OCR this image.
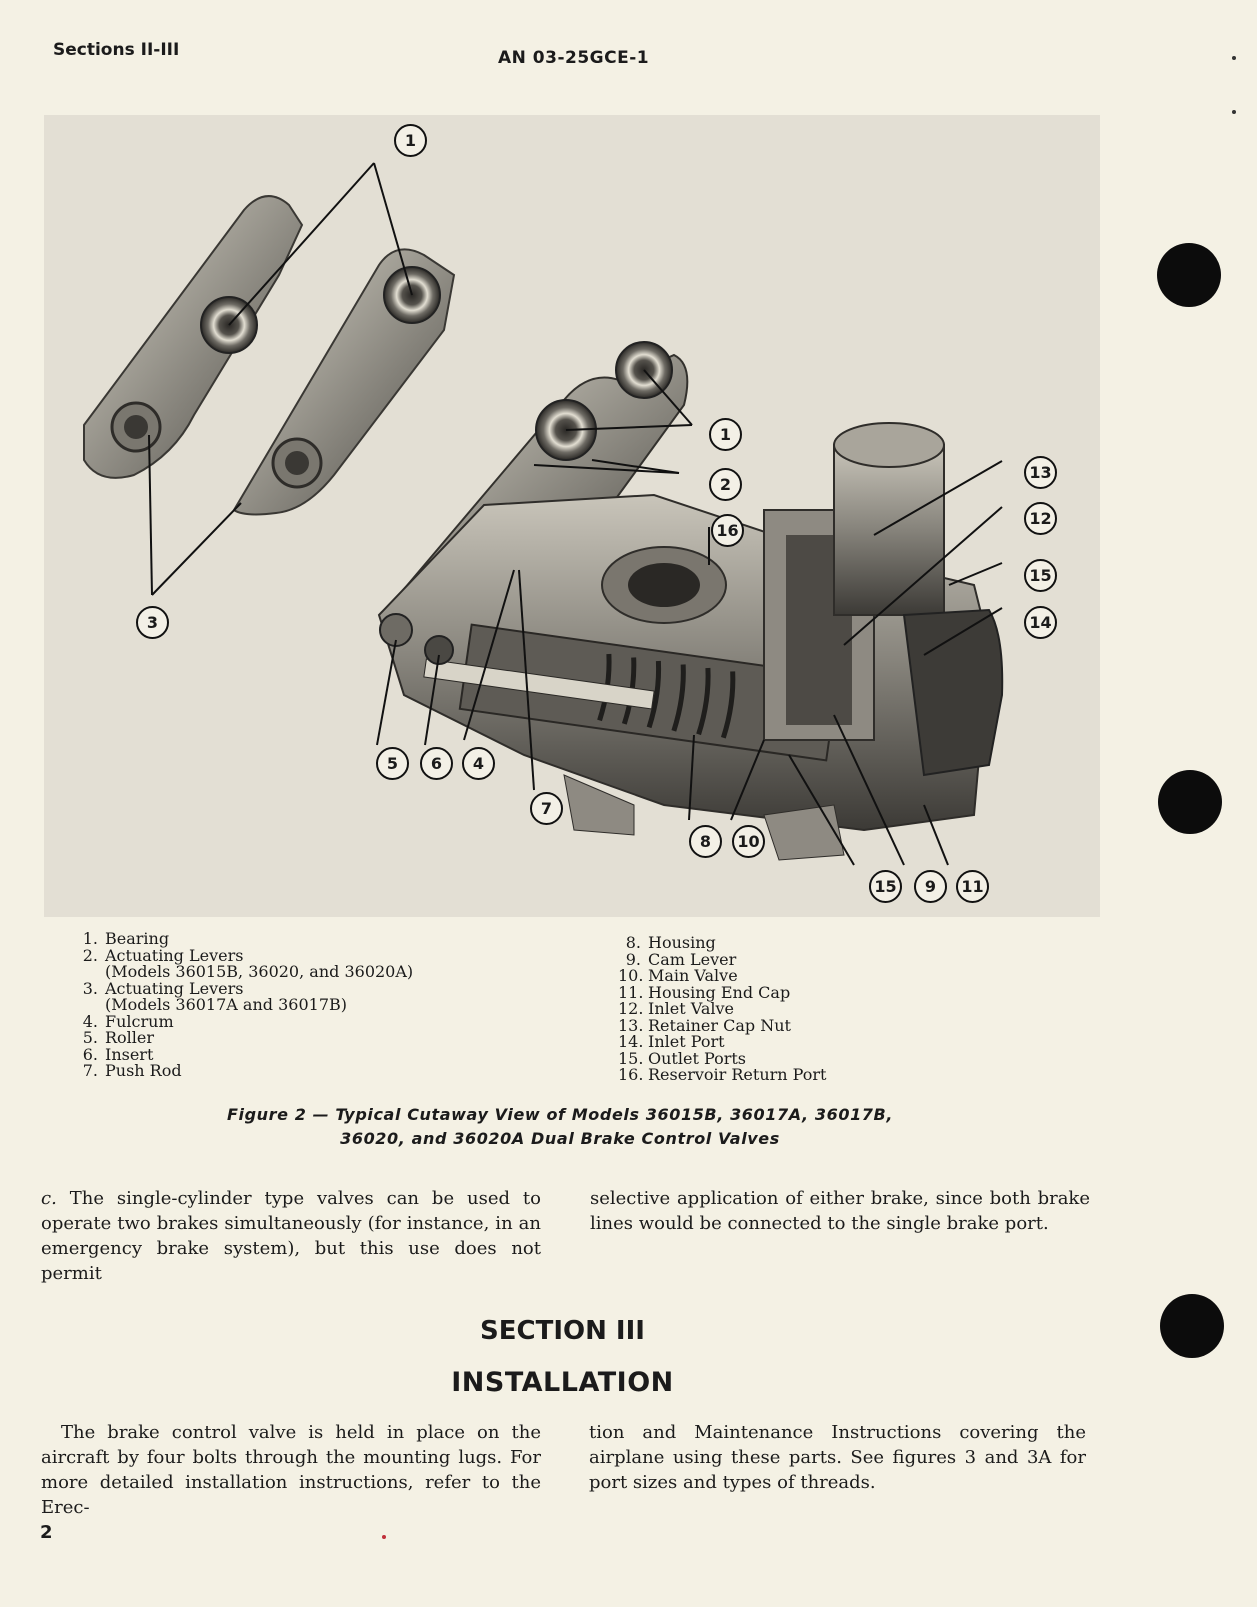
Sections II-III	AN 03-25GCE-1
1
1
2
3
4
5	6
7
8
9
10
11
12
13
14
15
15
16
1. Bearing
2. Actuating Levers
(Models 36015B, 36020, and 36020A)
3. Actuating Levers
(Models 36017A and 36017B)
4. Fulcrum
5. Roller
6. Insert
7. Push Rod
8. Housing
9. Cam Lever
10. Main Valve
11. Housing End Cap
12. Inlet Valve
13. Retainer Cap Nut
14. Inlet Port
15. Outlet Ports
16. Reservoir Return Port
Figure 2 — Typical Cutaway View of Models 36015B, 36017A, 36017B,
36020, and 36020A Dual Brake Control Valves
c. The single-cylinder type valves can be used to operate two brakes simultaneously (for instance, in an emergency brake system), but this use does not permit
selective application of either brake, since both brake lines would be connected to the single brake port.
SECTION III
INSTALLATION
The brake control valve is held in place on the aircraft by four bolts through the mounting lugs. For more detailed installation instructions, refer to the Erec-
tion and Maintenance Instructions covering the airplane using these parts. See figures 3 and 3A for port sizes and types of threads.
2
